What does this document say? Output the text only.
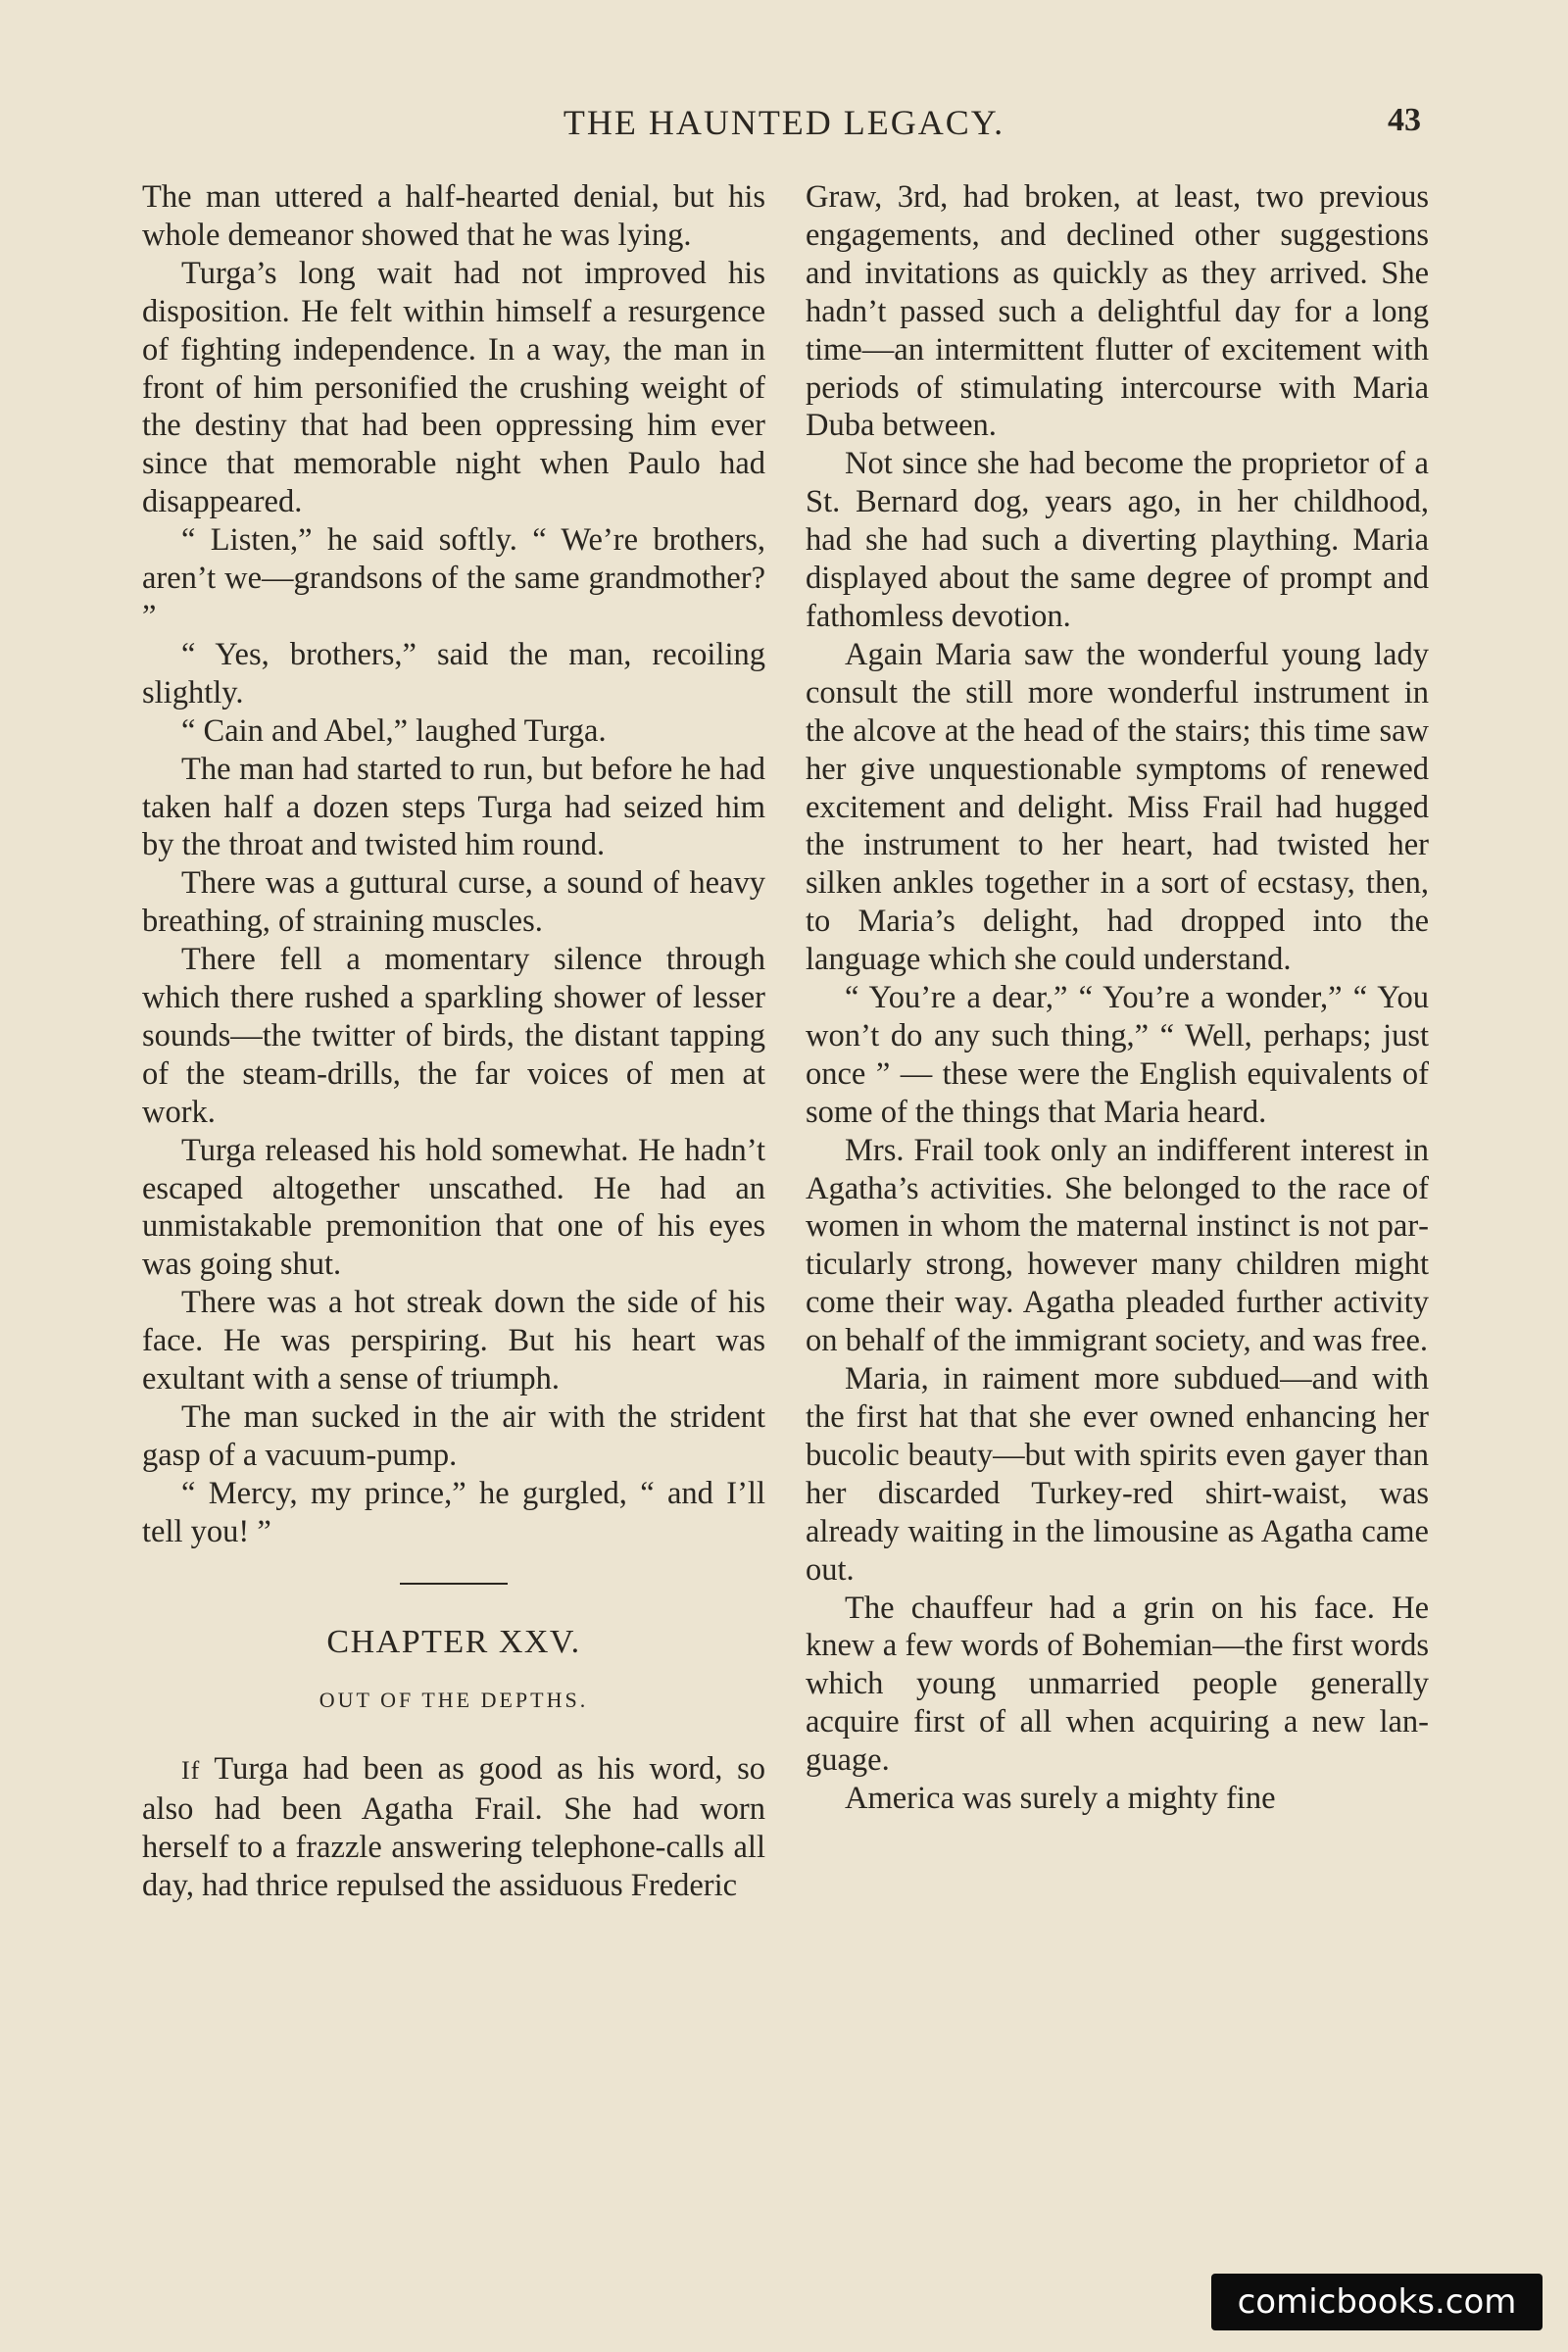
THE HAUNTED LEGACY.	43

The man uttered a half-hearted denial, but his whole demeanor showed that he was lying.

Turga’s long wait had not improved his disposition. He felt within himself a resurgence of fighting independence. In a way, the man in front of him personified the crushing weight of the destiny that had been oppressing him ever since that memorable night when Paulo had disappeared.

“ Listen,” he said softly. “ We’re brothers, aren’t we—grandsons of the same grandmother? ”

“ Yes, brothers,” said the man, recoiling slightly.

“ Cain and Abel,” laughed Turga.

The man had started to run, but before he had taken half a dozen steps Turga had seized him by the throat and twisted him round.

There was a guttural curse, a sound of heavy breathing, of straining muscles.

There fell a momentary silence through which there rushed a sparkling shower of lesser sounds—the twitter of birds, the distant tapping of the steam-drills, the far voices of men at work.

Turga released his hold somewhat. He hadn’t escaped altogether unscathed. He had an unmistakable premonition that one of his eyes was going shut.

There was a hot streak down the side of his face. He was perspiring. But his heart was exultant with a sense of triumph.

The man sucked in the air with the strident gasp of a vacuum-pump.

“ Mercy, my prince,” he gurgled, “ and I’ll tell you! ”

CHAPTER XXV.
OUT OF THE DEPTHS.

If Turga had been as good as his word, so also had been Agatha Frail. She had worn herself to a frazzle answering telephone-calls all day, had thrice repulsed the assiduous Frederic

Graw, 3rd, had broken, at least, two previous engagements, and declined other suggestions and invitations as quickly as they arrived. She hadn’t passed such a delightful day for a long time—an intermittent flutter of excitement with periods of stimulating intercourse with Maria Duba between.

Not since she had become the proprietor of a St. Bernard dog, years ago, in her childhood, had she had such a diverting plaything. Maria displayed about the same degree of prompt and fathomless devotion.

Again Maria saw the wonderful young lady consult the still more wonderful instrument in the alcove at the head of the stairs; this time saw her give unquestionable symptoms of renewed excitement and delight. Miss Frail had hugged the instrument to her heart, had twisted her silken ankles together in a sort of ecstasy, then, to Maria’s delight, had dropped into the language which she could understand.

“ You’re a dear,” “ You’re a wonder,” “ You won’t do any such thing,” “ Well, perhaps; just once ” — these were the English equivalents of some of the things that Maria heard.

Mrs. Frail took only an indifferent interest in Agatha’s activities. She belonged to the race of women in whom the maternal instinct is not particularly strong, however many children might come their way. Agatha pleaded further activity on behalf of the immigrant society, and was free.

Maria, in raiment more subdued—and with the first hat that she ever owned enhancing her bucolic beauty—but with spirits even gayer than her discarded Turkey-red shirt-waist, was already waiting in the limousine as Agatha came out.

The chauffeur had a grin on his face. He knew a few words of Bohemian—the first words which young unmarried people generally acquire first of all when acquiring a new language.

America was surely a mighty fine

comicbooks.com
